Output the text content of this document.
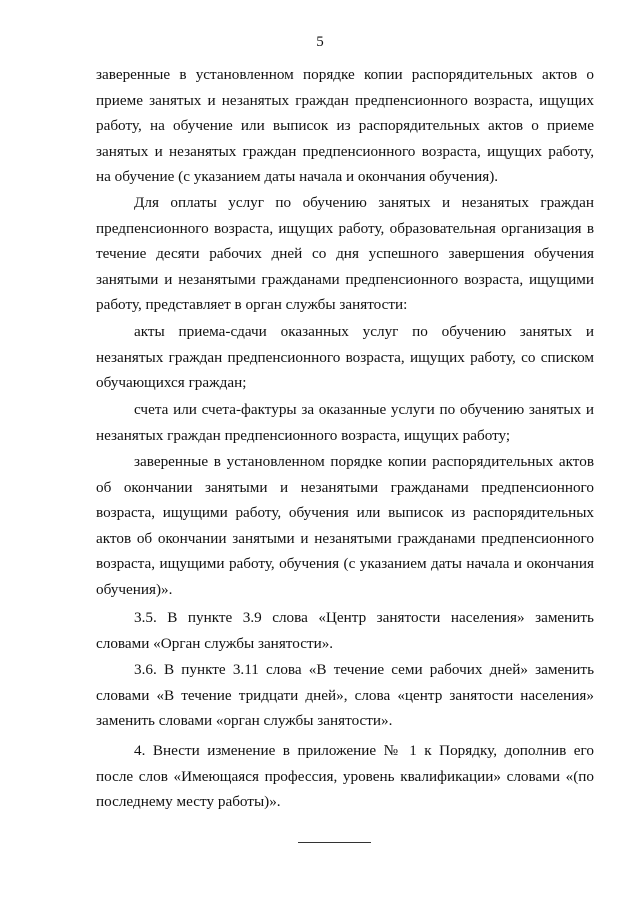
5

заверенные в установленном порядке копии распорядительных актов о приеме занятых и незанятых граждан предпенсионного возраста, ищущих работу, на обучение или выписок из распорядительных актов о приеме занятых и незанятых граждан предпенсионного возраста, ищущих работу, на обучение (с указанием даты начала и окончания обучения).

Для оплаты услуг по обучению занятых и незанятых граждан предпенсионного возраста, ищущих работу, образовательная организация в течение десяти рабочих дней со дня успешного завершения обучения занятыми и незанятыми гражданами предпенсионного возраста, ищущими работу, представляет в орган службы занятости:

акты приема-сдачи оказанных услуг по обучению занятых и незанятых граждан предпенсионного возраста, ищущих работу, со списком обучающихся граждан;

счета или счета-фактуры за оказанные услуги по обучению занятых и незанятых граждан предпенсионного возраста, ищущих работу;

заверенные в установленном порядке копии распорядительных актов об окончании занятыми и незанятыми гражданами предпенсионного возраста, ищущими работу, обучения или выписок из распорядительных актов об окончании занятыми и незанятыми гражданами предпенсионного возраста, ищущими работу, обучения (с указанием даты начала и окончания обучения)».

3.5. В пункте 3.9 слова «Центр занятости населения» заменить словами «Орган службы занятости».

3.6. В пункте 3.11 слова «В течение семи рабочих дней» заменить словами «В течение тридцати дней», слова «центр занятости населения» заменить словами «орган службы занятости».

4. Внести изменение в приложение № 1 к Порядку, дополнив его после слов «Имеющаяся профессия, уровень квалификации» словами «(по последнему месту работы)».
